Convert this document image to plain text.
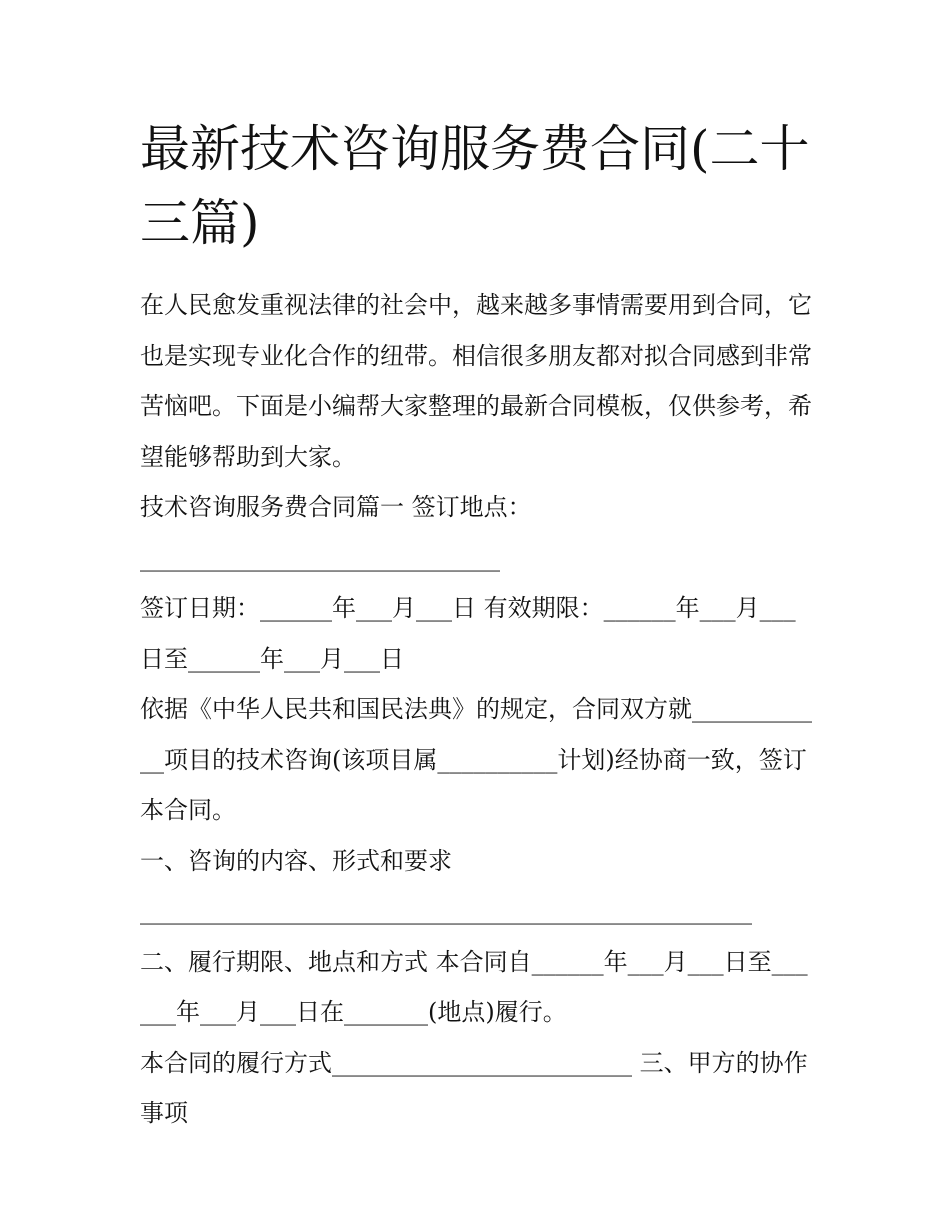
最新技术咨询服务费合同(二十三篇)

在人民愈发重视法律的社会中，越来越多事情需要用到合同，它也是实现专业化合作的纽带。相信很多朋友都对拟合同感到非常苦恼吧。下面是小编帮大家整理的最新合同模板，仅供参考，希望能够帮助到大家。

技术咨询服务费合同篇一 签订地点：

______________________________

签订日期：______年___月___日 有效期限：______年___月___日至______年___月___日

依据《中华人民共和国民法典》的规定，合同双方就____________项目的技术咨询(该项目属__________计划)经协商一致，签订本合同。

一、咨询的内容、形式和要求

___________________________________________________

二、履行期限、地点和方式 本合同自______年___月___日至______年___月___日在_______(地点)履行。

本合同的履行方式_________________________ 三、甲方的协作事项
